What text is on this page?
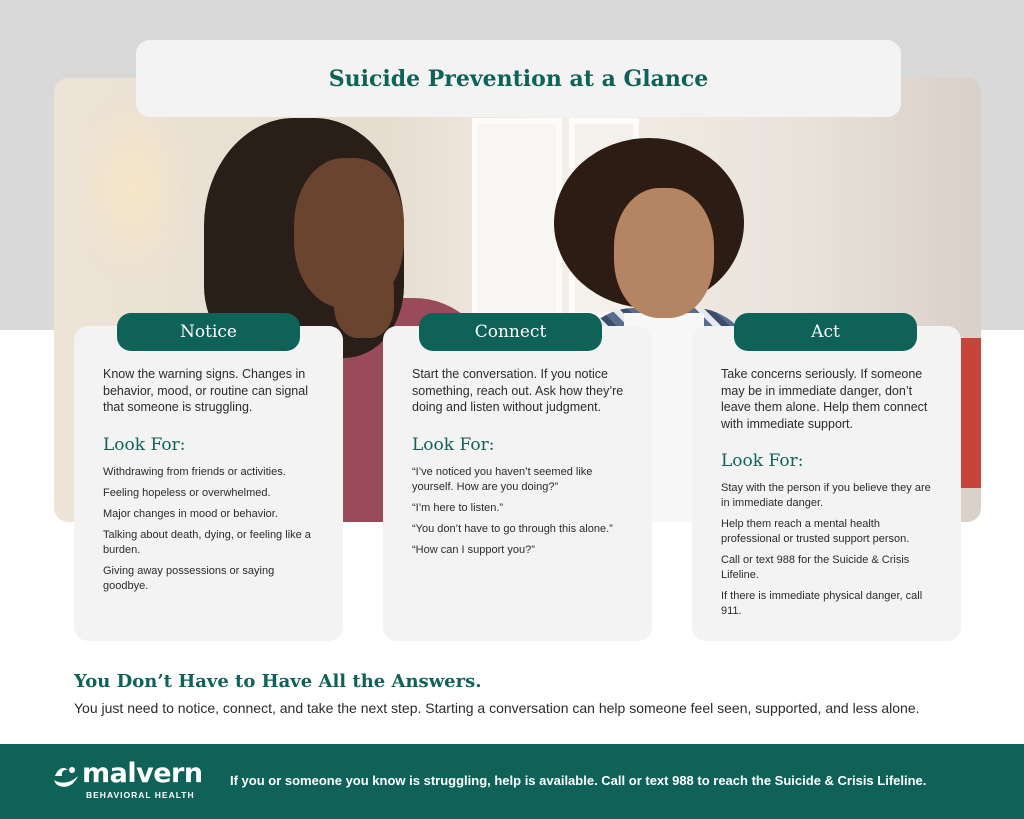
Suicide Prevention at a Glance

Know the warning signs. Changes in behavior, mood, or routine can signal that someone is struggling.

Look For:
Withdrawing from friends or activities.
Feeling hopeless or overwhelmed.
Major changes in mood or behavior.
Talking about death, dying, or feeling like a burden.
Giving away possessions or saying goodbye.
Notice

Start the conversation. If you notice something, reach out. Ask how they’re doing and listen without judgment.

Look For:
“I’ve noticed you haven’t seemed like yourself. How are you doing?”
“I’m here to listen.”
“You don’t have to go through this alone.”
“How can I support you?”
Connect

Take concerns seriously. If someone may be in immediate danger, don’t leave them alone. Help them connect with immediate support.

Look For:
Stay with the person if you believe they are in immediate danger.
Help them reach a mental health professional or trusted support person.
Call or text 988 for the Suicide & Crisis Lifeline.
If there is immediate physical danger, call 911.
Act
You Don’t Have to Have All the Answers.

You just need to notice, connect, and take the next step. Starting a conversation can help someone feel seen, supported, and less alone.

malvern
BEHAVIORAL HEALTH
If you or someone you know is struggling, help is available. Call or text 988 to reach the Suicide & Crisis Lifeline.
